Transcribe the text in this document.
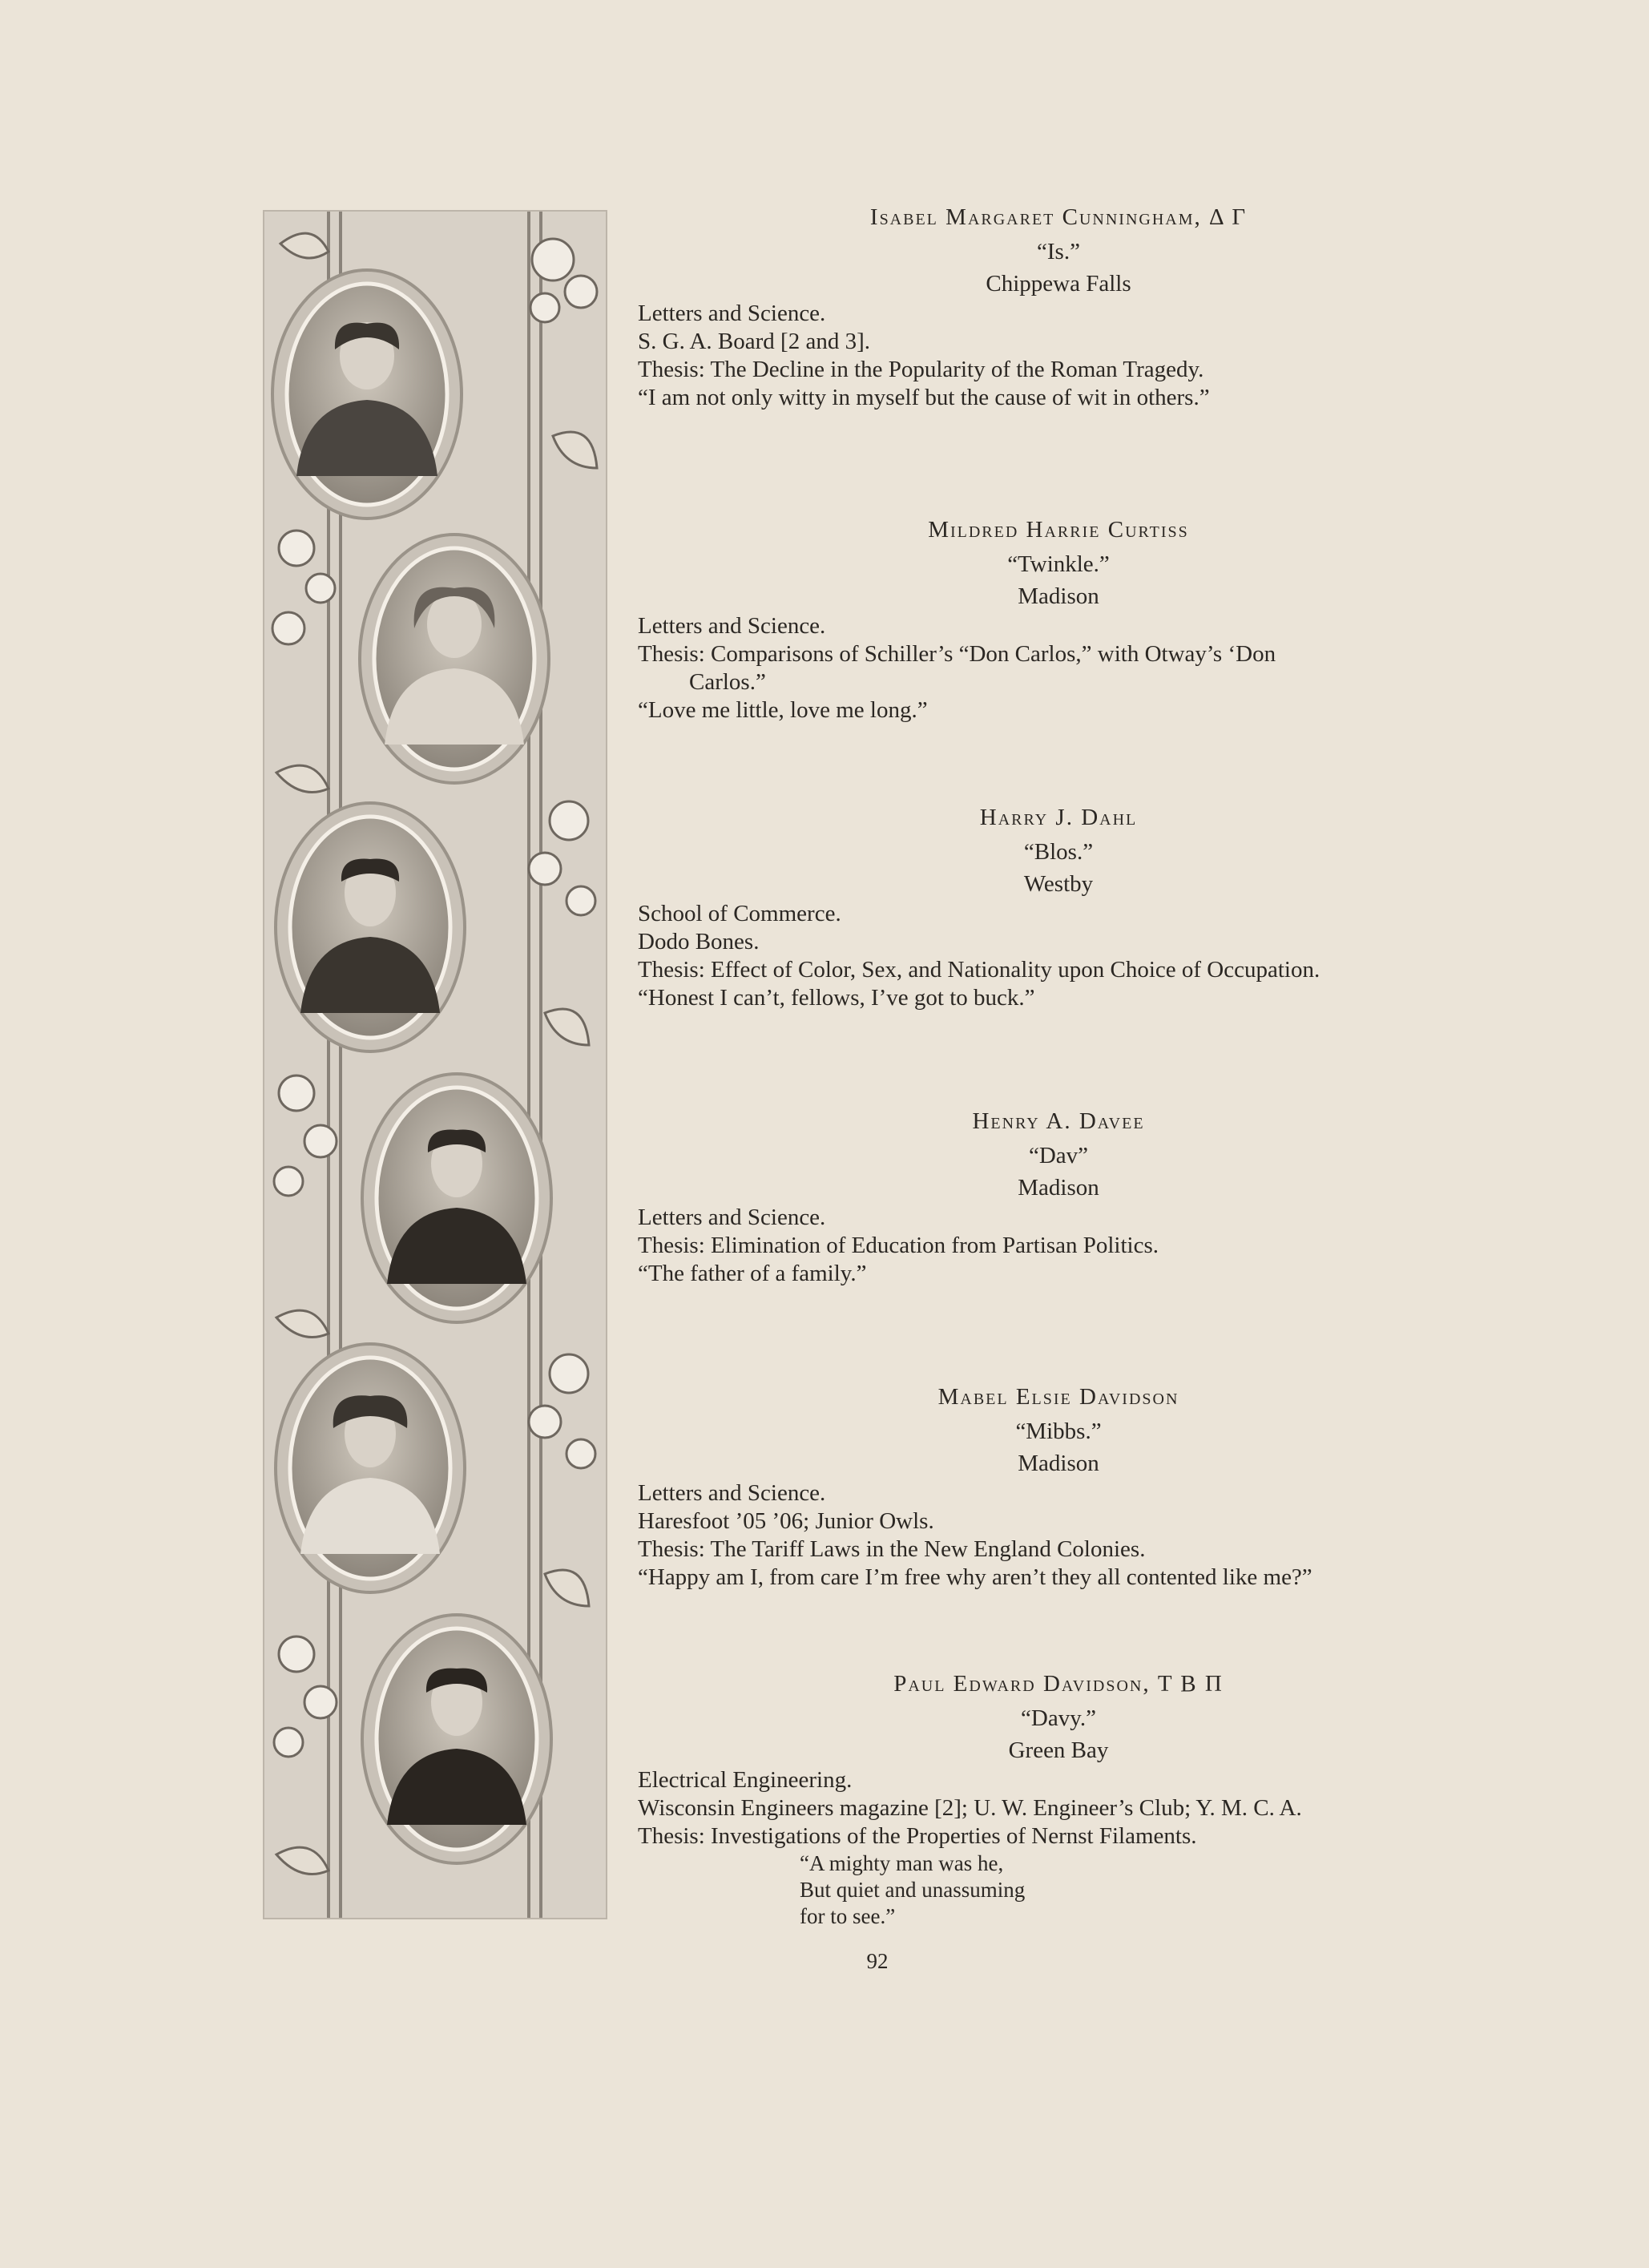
Isabel Margaret Cunningham, Δ Γ
“Is.”
Chippewa Falls
Letters and Science.
S. G. A. Board [2 and 3].
Thesis: The Decline in the Popularity of the Roman Tragedy.
“I am not only witty in myself but the cause of wit in others.”
Mildred Harrie Curtiss
“Twinkle.”
Madison
Letters and Science.
Thesis: Comparisons of Schiller’s “Don Carlos,” with Otway’s ‘Don
Carlos.”
“Love me little, love me long.”
Harry J. Dahl
“Blos.”
Westby
School of Commerce.
Dodo Bones.
Thesis: Effect of Color, Sex, and Nationality upon Choice of Occupation.
“Honest I can’t, fellows, I’ve got to buck.”
Henry A. Davee
“Dav”
Madison
Letters and Science.
Thesis: Elimination of Education from Partisan Politics.
“The father of a family.”
Mabel Elsie Davidson
“Mibbs.”
Madison
Letters and Science.
Haresfoot ’05 ’06; Junior Owls.
Thesis: The Tariff Laws in the New England Colonies.
“Happy am I, from care I’m free why aren’t they all contented like me?”
Paul Edward Davidson, Τ Β Π
“Davy.”
Green Bay
Electrical Engineering.
Wisconsin Engineers magazine [2]; U. W. Engineer’s Club; Y. M. C. A.
Thesis: Investigations of the Properties of Nernst Filaments.
“A mighty man was he,
But quiet and unassuming
for to see.”
92
